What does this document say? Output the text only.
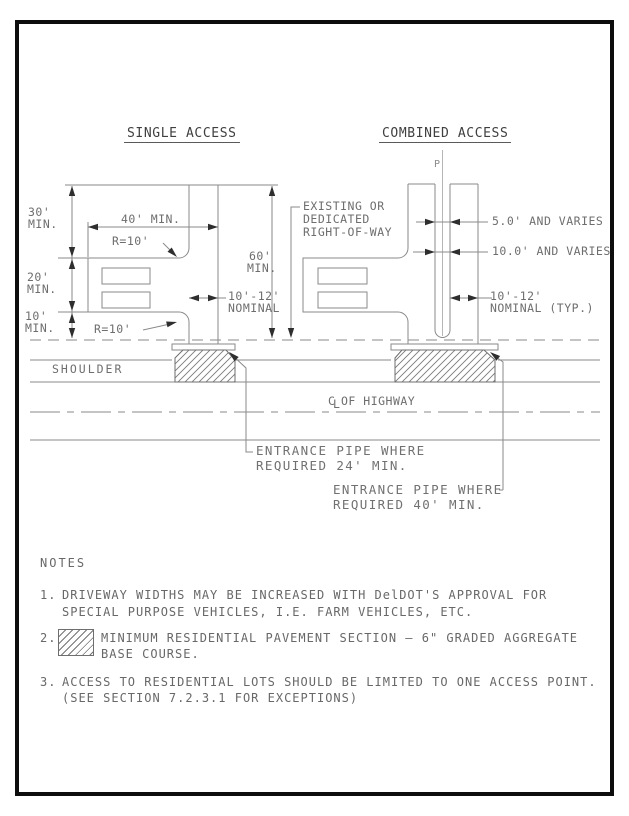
SINGLE ACCESS	COMBINED ACCESS
30'
MIN.
20'
MIN.
10'
MIN.
40' MIN.
R=10'
R=10'
60'
MIN.
10'-12'
NOMINAL
EXISTING OR
DEDICATED
RIGHT-OF-WAY
P
5.0' AND VARIES
10.0' AND VARIES
10'-12'
NOMINAL (TYP.)
SHOULDER
C
L OF HIGHWAY
ENTRANCE PIPE WHERE
REQUIRED 24' MIN.
ENTRANCE PIPE WHERE
REQUIRED 40' MIN.
NOTES
1. DRIVEWAY WIDTHS MAY BE INCREASED WITH DelDOT'S APPROVAL FOR
SPECIAL PURPOSE VEHICLES, I.E. FARM VEHICLES, ETC.
2.	MINIMUM RESIDENTIAL PAVEMENT SECTION — 6" GRADED AGGREGATE
BASE COURSE.
3. ACCESS TO RESIDENTIAL LOTS SHOULD BE LIMITED TO ONE ACCESS POINT.
(SEE SECTION 7.2.3.1 FOR EXCEPTIONS)
